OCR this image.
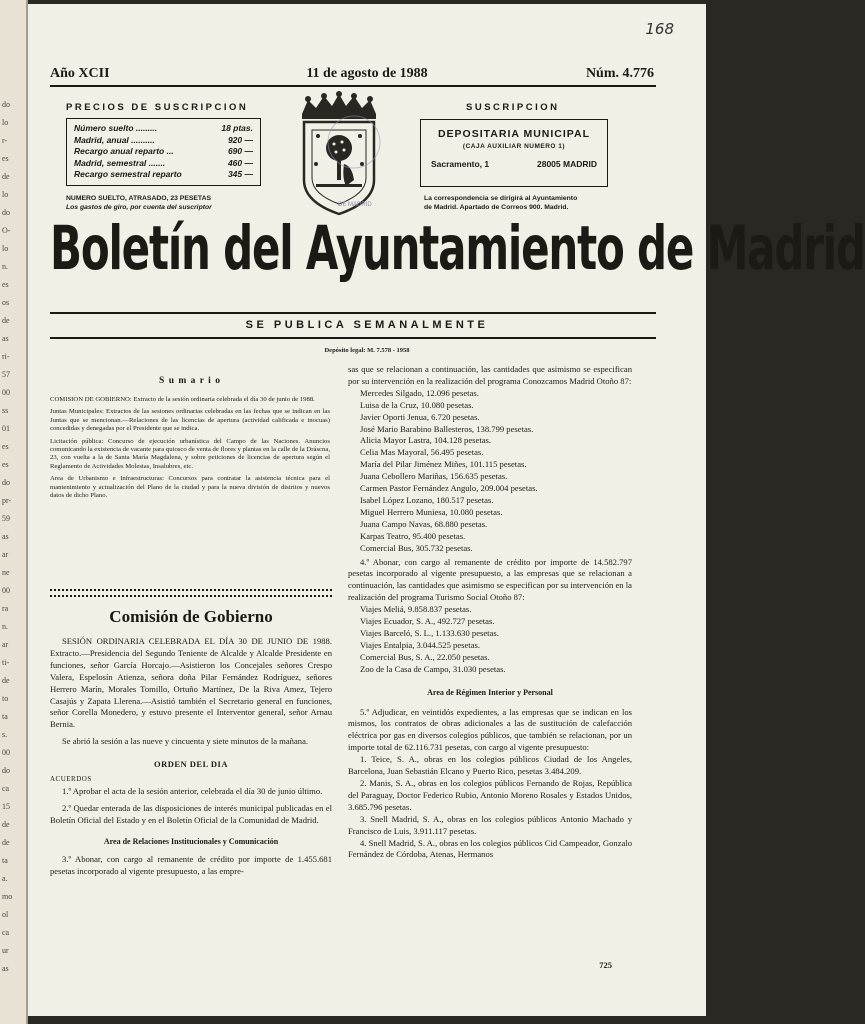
do
lo
r-
es
de
lo
do
O-
lo
n.
es
os
de
as
ri-
57
00
ss
01
es
es
do
pr-
59
as
ar
ne
00
ra
n.
ar
ti-
de
to
ta
s.
00
do
ca
15
de
de
ta
a.
mo
ol
ca
ur
as
168
Año XCII	11 de agosto de 1988	Núm. 4.776
PRECIOS DE SUSCRIPCION
Número suelto .........	18 ptas.
Madrid, anual ..........	920 —
Recargo anual reparto ...	690 —
Madrid, semestral .......	460 —
Recargo semestral reparto	345 —
NUMERO SUELTO, ATRASADO, 23 PESETAS
Los gastos de giro, por cuenta del suscriptor	DE MADRID
SUSCRIPCION
DEPOSITARIA MUNICIPAL
(CAJA AUXILIAR NUMERO 1)
Sacramento, 1	28005 MADRID
La correspondencia se dirigirá al Ayuntamiento
de Madrid. Apartado de Correos 900. Madrid.
Boletín del Ayuntamiento de Madrid
SE PUBLICA SEMANALMENTE
Depósito legal: M. 7.578 - 1958
S u m a r i o

COMISION DE GOBIERNO: Extracto de la sesión ordinaria celebrada el día 30 de junio de 1988.

Juntas Municipales: Extractos de las sesiones ordinarias celebradas en las fechas que se indican en las Juntas que se mencionan.—Relaciones de las licencias de apertura (actividad calificada e inocuas) concedidas y denegadas por el Presidente que se indica.

Licitación pública: Concurso de ejecución urbanística del Campo de las Naciones. Anuncios comunicando la existencia de vacante para quiosco de venta de flores y plantas en la calle de la Dráscna, 23, con vuelta a la de Santa María Magdalena, y sobre peticiones de licencias de apertura según el Reglamento de Actividades Molestas, Insalubres, etc.

Area de Urbanismo e Infraestructuras: Concursos para contratar la asistencia técnica para el mantenimiento y actualización del Plano de la ciudad y para la nueva división de distritos y nuevos datos de dicho Plano.

Comisión de Gobierno

SESIÓN ORDINARIA CELEBRADA EL DÍA 30 DE JUNIO DE 1988. Extracto.—Presidencia del Segundo Teniente de Alcalde y Alcalde Presidente en funciones, señor García Horcajo.—Asistieron los Concejales señores Crespo Valera, Espelosín Atienza, señora doña Pilar Fernández Rodríguez, señores Herrero Marín, Morales Tomillo, Ortuño Martínez, De la Riva Amez, Tejero Casajús y Zapata Llerena.—Asistió también el Secretario general en funciones, señor Corella Monedero, y estuvo presente el Interventor general, señor Arnau Bernia.

Se abrió la sesión a las nueve y cincuenta y siete minutos de la mañana.

ORDEN DEL DIA
ACUERDOS

1.º Aprobar el acta de la sesión anterior, celebrada el día 30 de junio último.

2.º Quedar enterada de las disposiciones de interés municipal publicadas en el Boletín Oficial del Estado y en el Boletín Oficial de la Comunidad de Madrid.

Area de Relaciones Institucionales y Comunicación

3.º Abonar, con cargo al remanente de crédito por importe de 1.455.681 pesetas incorporado al vigente presupuesto, a las empre-

sas que se relacionan a continuación, las cantidades que asimismo se especifican por su intervención en la realización del programa Conozcamos Madrid Otoño 87:

Mercedes Silgado, 12.096 pesetas.
Luisa de la Cruz, 10.080 pesetas.
Javier Oporti Jenua, 6.720 pesetas.
José Mario Barabino Ballesteros, 138.799 pesetas.
Alicia Mayor Lastra, 104.128 pesetas.
Celia Mas Mayoral, 56.495 pesetas.
María del Pilar Jiménez Miñes, 101.115 pesetas.
Juana Cebollero Mariñas, 156.635 pesetas.
Carmen Pastor Fernández Angulo, 209.004 pesetas.
Isabel López Lozano, 180.517 pesetas.
Miguel Herrero Muniesa, 10.080 pesetas.
Juana Campo Navas, 68.880 pesetas.
Karpas Teatro, 95.400 pesetas.
Comercial Bus, 305.732 pesetas.

4.º Abonar, con cargo al remanente de crédito por importe de 14.582.797 pesetas incorporado al vigente presupuesto, a las empresas que se relacionan a continuación, las cantidades que asimismo se especifican por su intervención en la realización del programa Turismo Social Otoño 87:

Viajes Meliá, 9.858.837 pesetas.
Viajes Ecuador, S. A., 492.727 pesetas.
Viajes Barceló, S. L., 1.133.630 pesetas.
Viajes Entalpia, 3.044.525 pesetas.
Comercial Bus, S. A., 22.050 pesetas.
Zoo de la Casa de Campo, 31.030 pesetas.
Area de Régimen Interior y Personal

5.º Adjudicar, en veintidós expedientes, a las empresas que se indican en los mismos, los contratos de obras adicionales a las de sustitución de calefacción eléctrica por gas en diversos colegios públicos, que también se relacionan, por un importe total de 62.116.731 pesetas, con cargo al vigente presupuesto:

1. Teice, S. A., obras en los colegios públicos Ciudad de los Angeles, Barcelona, Juan Sebastián Elcano y Puerto Rico, pesetas 3.484.209.

2. Manis, S. A., obras en los colegios públicos Fernando de Rojas, República del Paraguay, Doctor Federico Rubio, Antonio Moreno Rosales y Estados Unidos, 3.685.796 pesetas.

3. Snell Madrid, S. A., obras en los colegios públicos Antonio Machado y Francisco de Luis, 3.911.117 pesetas.

4. Snell Madrid, S. A., obras en los colegios públicos Cid Campeador, Gonzalo Fernández de Córdoba, Atenas, Hermanos

725
